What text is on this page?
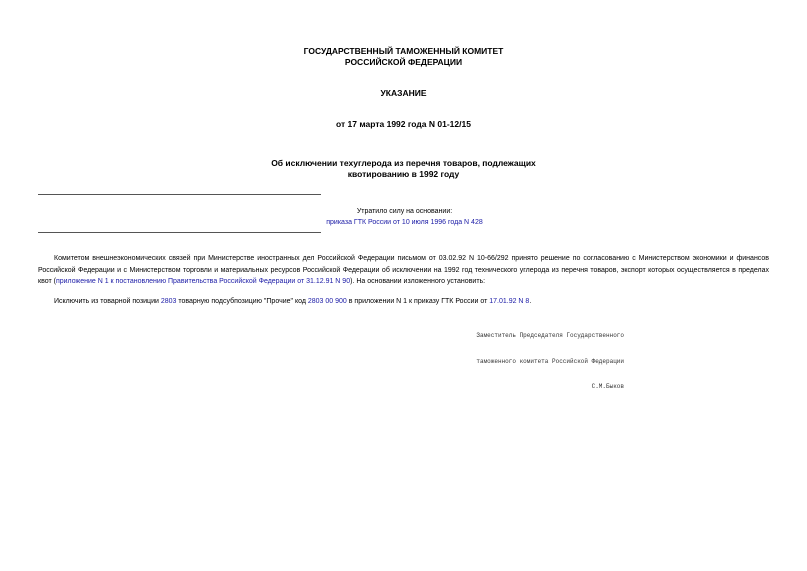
ГОСУДАРСТВЕННЫЙ ТАМОЖЕННЫЙ КОМИТЕТ
РОССИЙСКОЙ ФЕДЕРАЦИИ
УКАЗАНИЕ
от 17 марта 1992 года N 01-12/15
Об исключении техуглерода из перечня товаров, подлежащих
квотированию в 1992 году
Утратило силу на основании:
приказа ГТК России от 10 июля 1996 года N 428
Комитетом внешнеэкономических связей при Министерстве иностранных дел Российской Федерации письмом от 03.02.92 N 10-66/292 принято решение по согласованию с Министерством экономики и финансов Российской Федерации и с Министерством торговли и материальных ресурсов Российской Федерации об исключении на 1992 год технического углерода из перечня товаров, экспорт которых осуществляется в пределах квот (приложение N 1 к постановлению Правительства Российской Федерации от 31.12.91 N 90). На основании изложенного установить:
Исключить из товарной позиции 2803 товарную подсубпозицию "Прочие" код 2803 00 900 в приложении N 1 к приказу ГТК России от 17.01.92 N 8.

Заместитель Председателя Государственного

таможенного комитета Российской Федерации

С.М.Быков
